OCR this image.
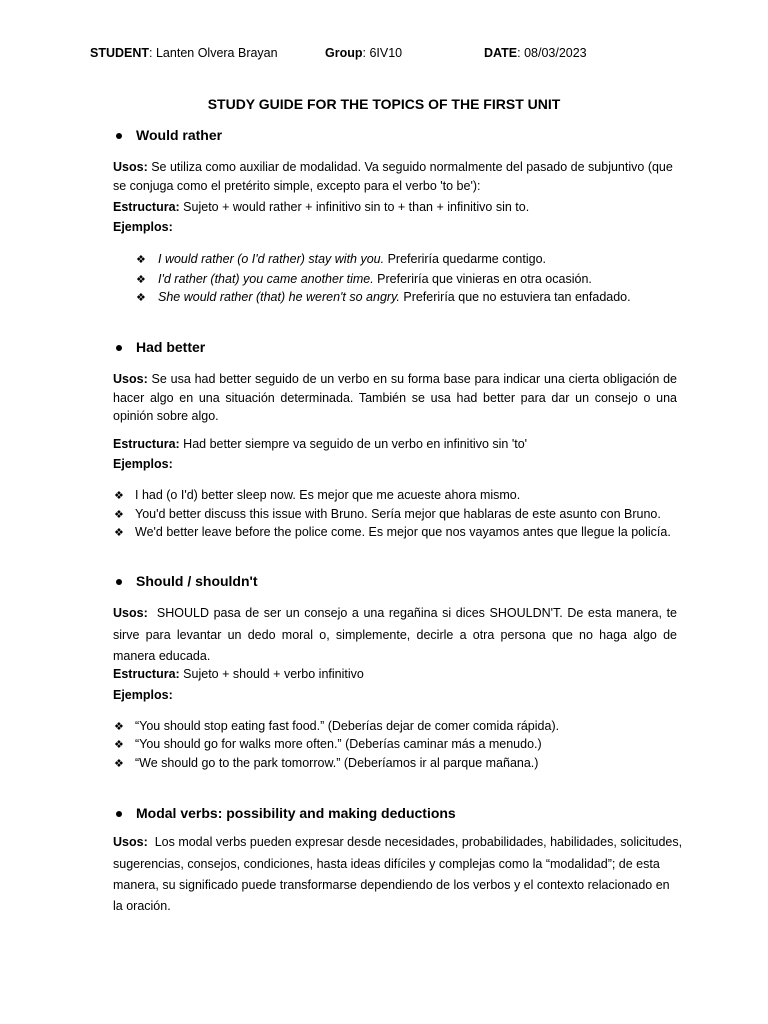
STUDENT: Lanten Olvera Brayan	Group: 6IV10	DATE: 08/03/2023
STUDY GUIDE FOR THE TOPICS OF THE FIRST UNIT
Would rather
Usos: Se utiliza como auxiliar de modalidad. Va seguido normalmente del pasado de subjuntivo (que se conjuga como el pretérito simple, excepto para el verbo 'to be'):
Estructura: Sujeto + would rather + infinitivo sin to + than + infinitivo sin to.
Ejemplos:
❖ I would rather (o I'd rather) stay with you. Preferiría quedarme contigo.
❖ I'd rather (that) you came another time. Preferiría que vinieras en otra ocasión.
❖ She would rather (that) he weren't so angry. Preferiría que no estuviera tan enfadado.
Had better
Usos: Se usa had better seguido de un verbo en su forma base para indicar una cierta obligación de hacer algo en una situación determinada. También se usa had better para dar un consejo o una opinión sobre algo.
Estructura: Had better siempre va seguido de un verbo en infinitivo sin 'to'
Ejemplos:
❖ I had (o I'd) better sleep now. Es mejor que me acueste ahora mismo.
❖ You'd better discuss this issue with Bruno. Sería mejor que hablaras de este asunto con Bruno.
❖ We'd better leave before the police come. Es mejor que nos vayamos antes que llegue la policía.
Should / shouldn't
Usos: SHOULD pasa de ser un consejo a una regañina si dices SHOULDN'T. De esta manera, te sirve para levantar un dedo moral o, simplemente, decirle a otra persona que no haga algo de manera educada.
Estructura: Sujeto + should + verbo infinitivo
Ejemplos:
❖ “You should stop eating fast food.” (Deberías dejar de comer comida rápida).
❖ “You should go for walks more often.” (Deberías caminar más a menudo.)
❖ “We should go to the park tomorrow.” (Deberíamos ir al parque mañana.)
Modal verbs: possibility and making deductions
Usos: Los modal verbs pueden expresar desde necesidades, probabilidades, habilidades, solicitudes,
sugerencias, consejos, condiciones, hasta ideas difíciles y complejas como la “modalidad”; de esta
manera, su significado puede transformarse dependiendo de los verbos y el contexto relacionado en
la oración.
